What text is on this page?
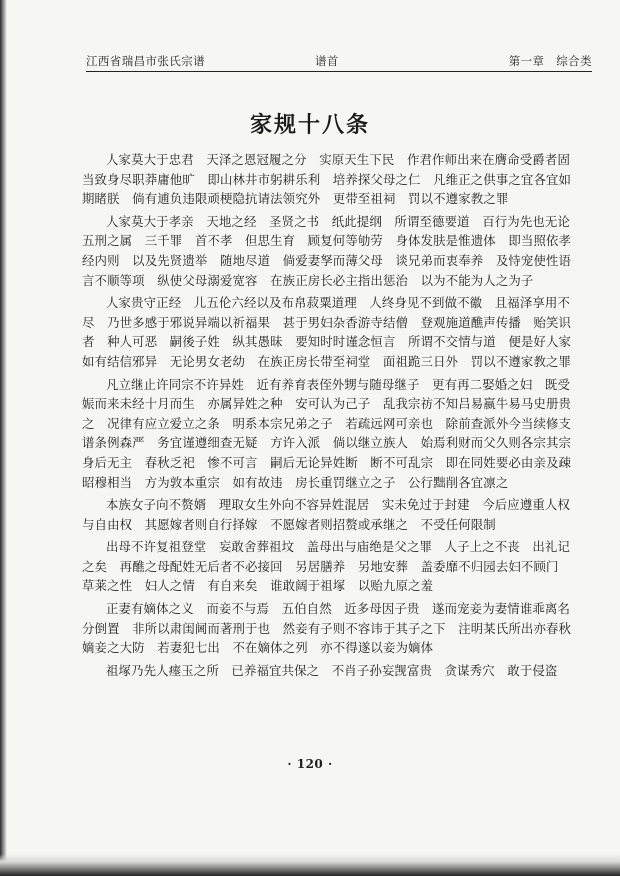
江西省瑞昌市张氏宗谱	谱首	第一章　综合类
家规十八条

人家莫大于忠君　天泽之恩冠履之分　实原天生下民　作君作师出来在膺命受爵者固当致身尽职莽庸他旷　即山林井市躬耕乐利　培养探父母之仁　凡维正之供事之宜各宜如期睹朕　倘有逋负违限顽梗隐抗请法领究外　更带至祖祠　罚以不遵家教之罪

人家莫大于孝亲　天地之经　圣贤之书　纸此提纲　所谓至德要道　百行为先也无论五刑之属　三千罪　首不孝　但思生育　顾复何等劬劳　身体发肤是惟遗体　即当照依孝经内则　以及先贤遗举　随地尽道　倘爱妻孥而薄父母　谈兄弟而衷奉养　及恃宠使性语言不顺等项　纵使父母溺爱宽容　在族正房长必主指出惩治　以为不能为人之为子

人家贵守正经　儿五伦六经以及布帛菽粟道理　人终身见不到做不徽　且福泽享用不尽　乃世多感于邪说异端以祈福果　甚于男妇杂香游寺结僧　登观施道醮声传播　贻笑识者　种人可恶　嗣後子姓　纵其愚昧　要知时时谨念恒言　所谓不交情与道　便是好人家　如有结信邪异　无论男女老幼　在族正房长带至祠堂　面祖跪三日外　罚以不遵家教之罪

凡立继止许同宗不许异姓　近有养育表侄外甥与随母继子　更有再二娶婚之妇　既受娠而来未经十月而生　亦属异姓之种　安可认为己子　乱我宗祊不知吕易嬴牛易马史册贵之　况律有应立爱立之条　明系本宗兄弟之子　若疏远网可亲也　除前查派外今当续修支谱条例森严　务宜谨遵细查无疑　方许入派　倘以继立族人　始焉利财而父久则各宗其宗　身后无主　春秋乏祀　惨不可言　嗣后无论异姓断　断不可乱宗　即在同姓要必由亲及疎　昭穆相当　方为敦本重宗　如有故违　房长重罚继立之子　公行黜削各宜凛之

本族女子向不赘婿　理取女生外向不容异姓混居　实未免过于封建　今后应遵重人权与自由权　其愿嫁者则自行择嫁　不愿嫁者则招赘或承继之　不受任何限制

出母不许复祖登堂　妄敢舍葬祖坟　盖母出与庙绝是父之罪　人子上之不丧　出礼记之矣　再醮之母配姓无后者不必接回　另居膳养　另地安葬　盖委靡不归园去妇不顾门　草莱之性　妇人之情　有自来矣　谁敢阔于祖塚　以贻九原之羞

正妻有嫡体之义　而妾不与焉　五伯自然　近多母因子贵　遂而宠妾为妻情谁乖离名分倒置　非所以肃闺阃而著刑于也　然妾有子则不容讳于其子之下　注明某氏所出亦春秋嫡妾之大防　若妻犯七出　不在嫡体之列　亦不得遂以妾为嫡体

祖塚乃先人瘗玉之所　已养福宜共保之　不肖子孙妄觊富贵　贪谋秀穴　敢于侵盗

· 120 ·
